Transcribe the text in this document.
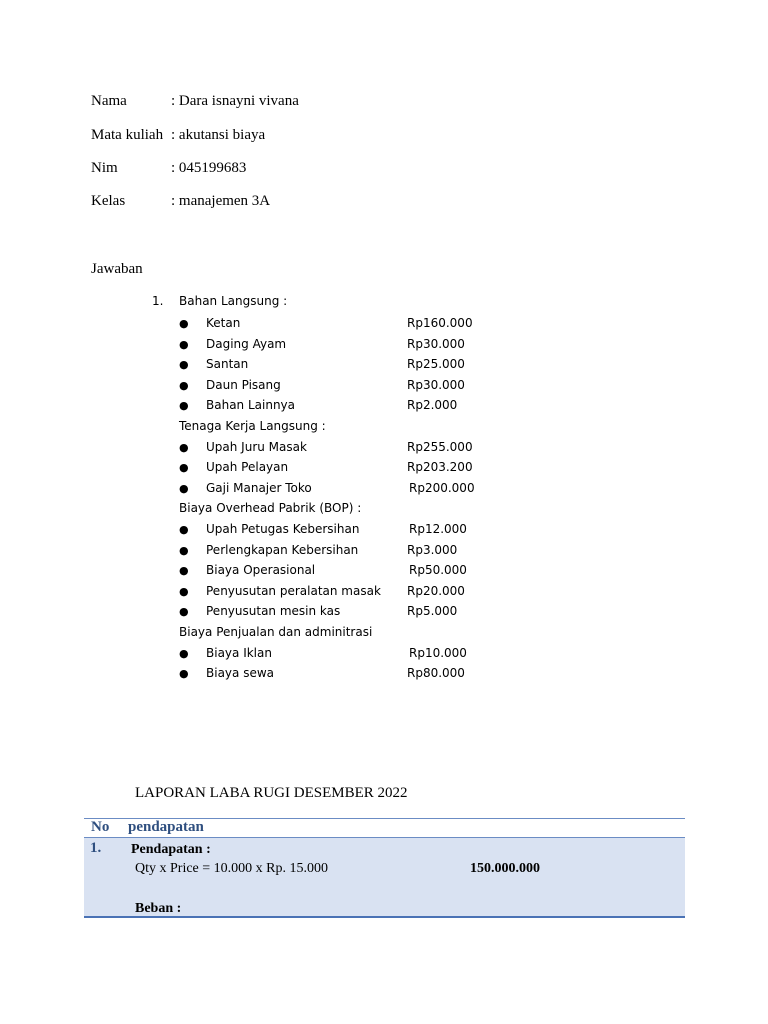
Nama	: Dara isnayni vivana
Mata kuliah : akutansi biaya
Nim	: 045199683
Kelas	: manajemen 3A
Jawaban
1. Bahan Langsung :
● Ketan	Rp160.000
● Daging Ayam	Rp30.000
● Santan	Rp25.000
● Daun Pisang	Rp30.000
● Bahan Lainnya	Rp2.000
Tenaga Kerja Langsung :
● Upah Juru Masak	Rp255.000
● Upah Pelayan	Rp203.200
● Gaji Manajer Toko	Rp200.000
Biaya Overhead Pabrik (BOP) :
● Upah Petugas Kebersihan	Rp12.000
● Perlengkapan Kebersihan	Rp3.000
● Biaya Operasional	Rp50.000
● Penyusutan peralatan masak Rp20.000
● Penyusutan mesin kas	Rp5.000
Biaya Penjualan dan adminitrasi
● Biaya Iklan	Rp10.000
● Biaya sewa	Rp80.000
LAPORAN LABA RUGI DESEMBER 2022
No pendapatan
1. Pendapatan :
Qty x Price = 10.000 x Rp. 15.000	150.000.000
Beban :
